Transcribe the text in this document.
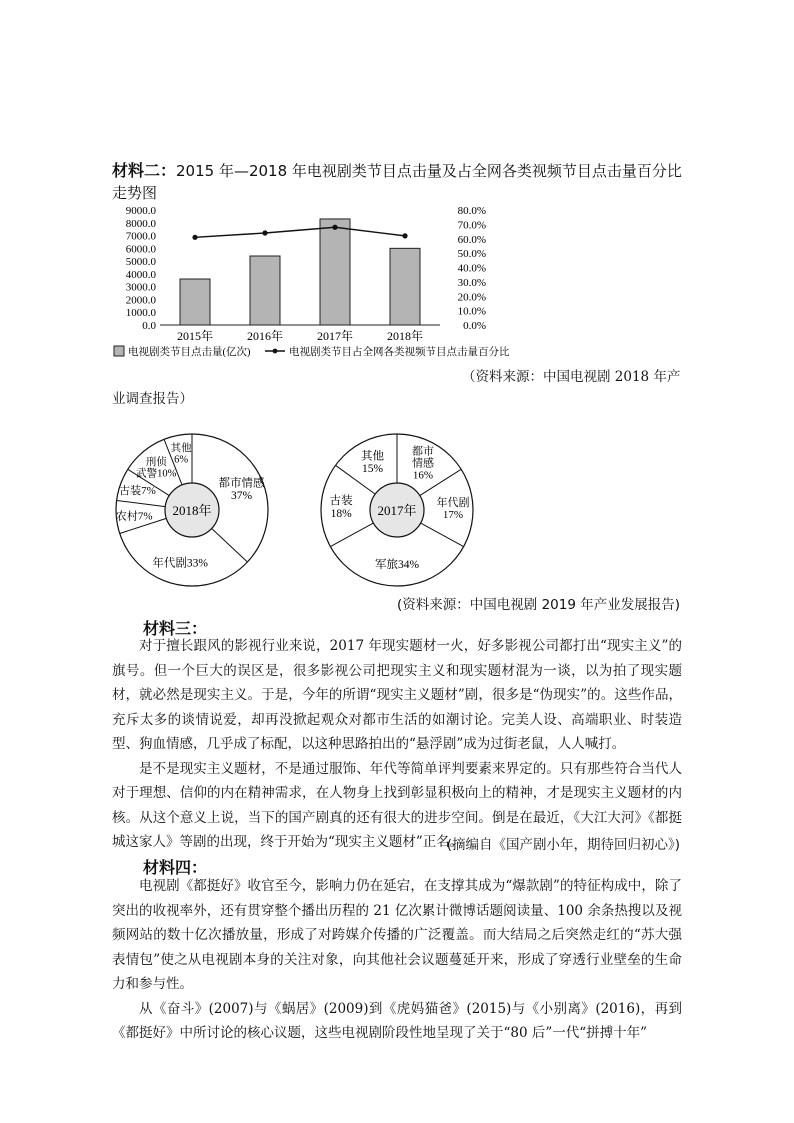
材料二：2015 年—2018 年电视剧类节目点击量及占全网各类视频节目点击量百分比走势图
0.0
1000.0
2000.0
3000.0
4000.0
5000.0
6000.0
7000.0
8000.0
9000.0
0.0%
10.0%
20.0%
30.0%
40.0%
50.0%
60.0%
70.0%
80.0%
2015年	2016年	2017年	2018年
电视剧类节目点击量(亿次)	电视剧类节目占全网各类视频节目点击量百分比
（资料来源：中国电视剧 2018 年产业调查报告）
都市情感
37%
年代剧33%
农村7%
古装7%
刑侦
武警10%
其他
6%
2018年
都市
情感
16%
年代剧
17%
军旅34%
古装
18%
其他
15%
2017年
(资料来源：中国电视剧 2019 年产业发展报告)
材料三：

对于擅长跟风的影视行业来说，2017 年现实题材一火，好多影视公司都打出“现实主义”的旗号。但一个巨大的误区是，很多影视公司把现实主义和现实题材混为一谈，以为拍了现实题材，就必然是现实主义。于是，今年的所谓“现实主义题材”剧，很多是“伪现实”的。这些作品，充斥太多的谈情说爱，却再没掀起观众对都市生活的如潮讨论。完美人设、高端职业、时装造型、狗血情感，几乎成了标配，以这种思路拍出的“悬浮剧”成为过街老鼠，人人喊打。

是不是现实主义题材，不是通过服饰、年代等简单评判要素来界定的。只有那些符合当代人对于理想、信仰的内在精神需求，在人物身上找到彰显积极向上的精神，才是现实主义题材的内核。从这个意义上说，当下的国产剧真的还有很大的进步空间。倒是在最近，《大江大河》《都挺城这家人》等剧的出现，终于开始为“现实主义题材”正名。

(摘编自《国产剧小年，期待回归初心》)
材料四：

电视剧《都挺好》收官至今，影响力仍在延宕，在支撑其成为“爆款剧”的特征构成中，除了突出的收视率外，还有贯穿整个播出历程的 21 亿次累计微博话题阅读量、100 余条热搜以及视频网站的数十亿次播放量，形成了对跨媒介传播的广泛覆盖。而大结局之后突然走红的“苏大强表情包”使之从电视剧本身的关注对象，向其他社会议题蔓延开来，形成了穿透行业壁垒的生命力和参与性。

从《奋斗》(2007)与《蜗居》(2009)到《虎妈猫爸》(2015)与《小别离》(2016)，再到《都挺好》中所讨论的核心议题，这些电视剧阶段性地呈现了关于“80 后”一代“拼搏十年”
